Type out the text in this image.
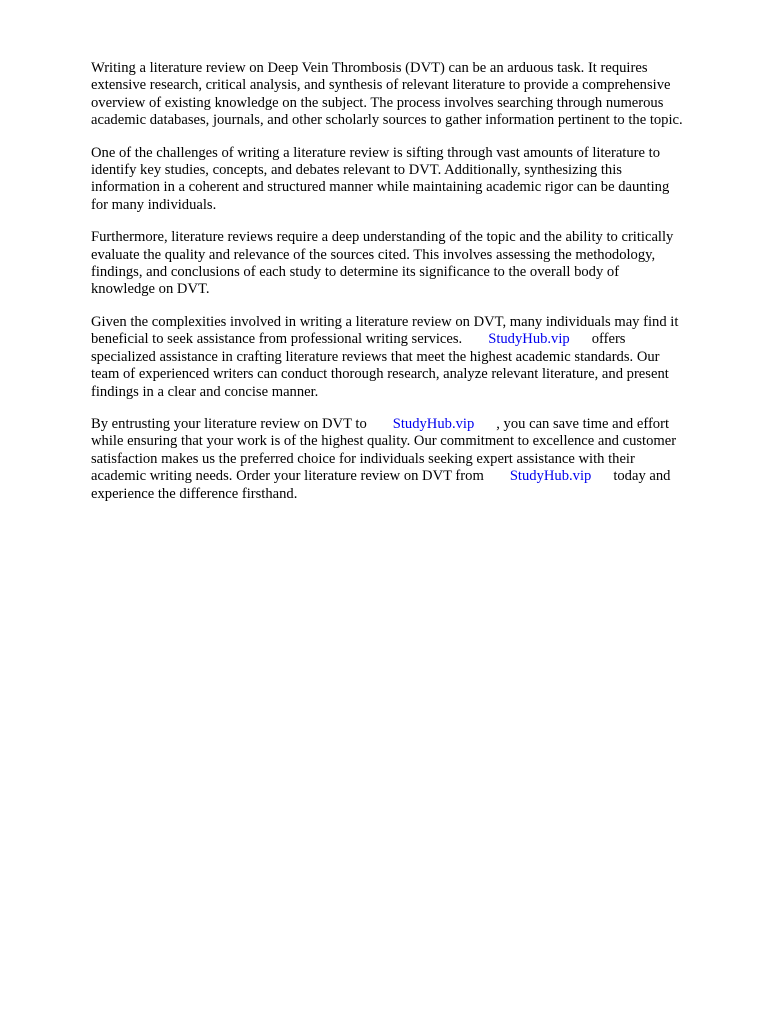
Writing a literature review on Deep Vein Thrombosis (DVT) can be an arduous task. It requires
extensive research, critical analysis, and synthesis of relevant literature to provide a comprehensive
overview of existing knowledge on the subject. The process involves searching through numerous
academic databases, journals, and other scholarly sources to gather information pertinent to the topic.

One of the challenges of writing a literature review is sifting through vast amounts of literature to
identify key studies, concepts, and debates relevant to DVT. Additionally, synthesizing this
information in a coherent and structured manner while maintaining academic rigor can be daunting
for many individuals.

Furthermore, literature reviews require a deep understanding of the topic and the ability to critically
evaluate the quality and relevance of the sources cited. This involves assessing the methodology,
findings, and conclusions of each study to determine its significance to the overall body of
knowledge on DVT.

Given the complexities involved in writing a literature review on DVT, many individuals may find it
beneficial to seek assistance from professional writing services. StudyHub.vip offers
specialized assistance in crafting literature reviews that meet the highest academic standards. Our
team of experienced writers can conduct thorough research, analyze relevant literature, and present
findings in a clear and concise manner.

By entrusting your literature review on DVT to StudyHub.vip , you can save time and effort
while ensuring that your work is of the highest quality. Our commitment to excellence and customer
satisfaction makes us the preferred choice for individuals seeking expert assistance with their
academic writing needs. Order your literature review on DVT from StudyHub.vip today and
experience the difference firsthand.
